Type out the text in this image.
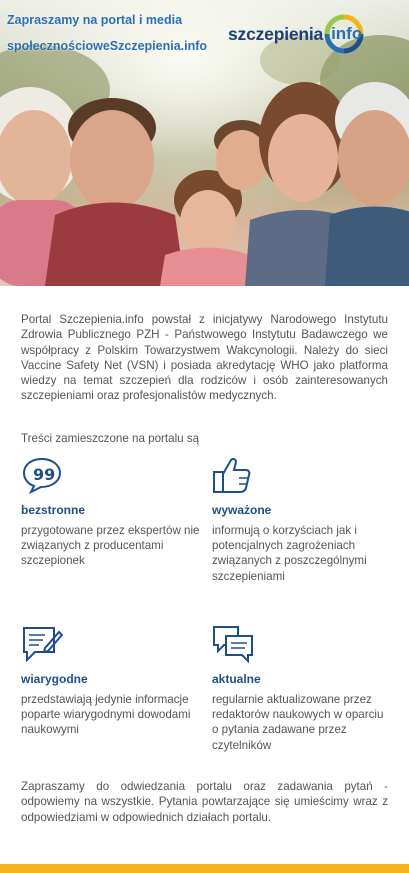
Zapraszamy na portal i media
społecznościoweSzczepienia.info
szczepienia info
Portal Szczepienia.info powstał z inicjatywy Narodowego Instytutu Zdrowia Publicznego PZH - Państwowego Instytutu Badawczego we współpracy z Polskim Towarzystwem Wakcynologii. Należy do sieci Vaccine Safety Net (VSN) i posiada akredytację WHO jako platforma wiedzy na temat szczepień dla rodziców i osób zainteresowanych szczepieniami oraz profesjonalistów medycznych.
Treści zamieszczone na portalu są
99
bezstronne
przygotowane przez ekspertów nie związanych z producentami szczepionek
wyważone
informują o korzyściach jak i potencjalnych zagrożeniach związanych z poszczególnymi szczepieniami
wiarygodne
przedstawiają jedynie informacje poparte wiarygodnymi dowodami naukowymi
aktualne
regularnie aktualizowane przez redaktorów naukowych w oparciu o pytania zadawane przez czytelników
Zapraszamy do odwiedzania portalu oraz zadawania pytań - odpowiemy na wszystkie. Pytania powtarzające się umieścimy wraz z odpowiedziami w odpowiednich działach portalu.
